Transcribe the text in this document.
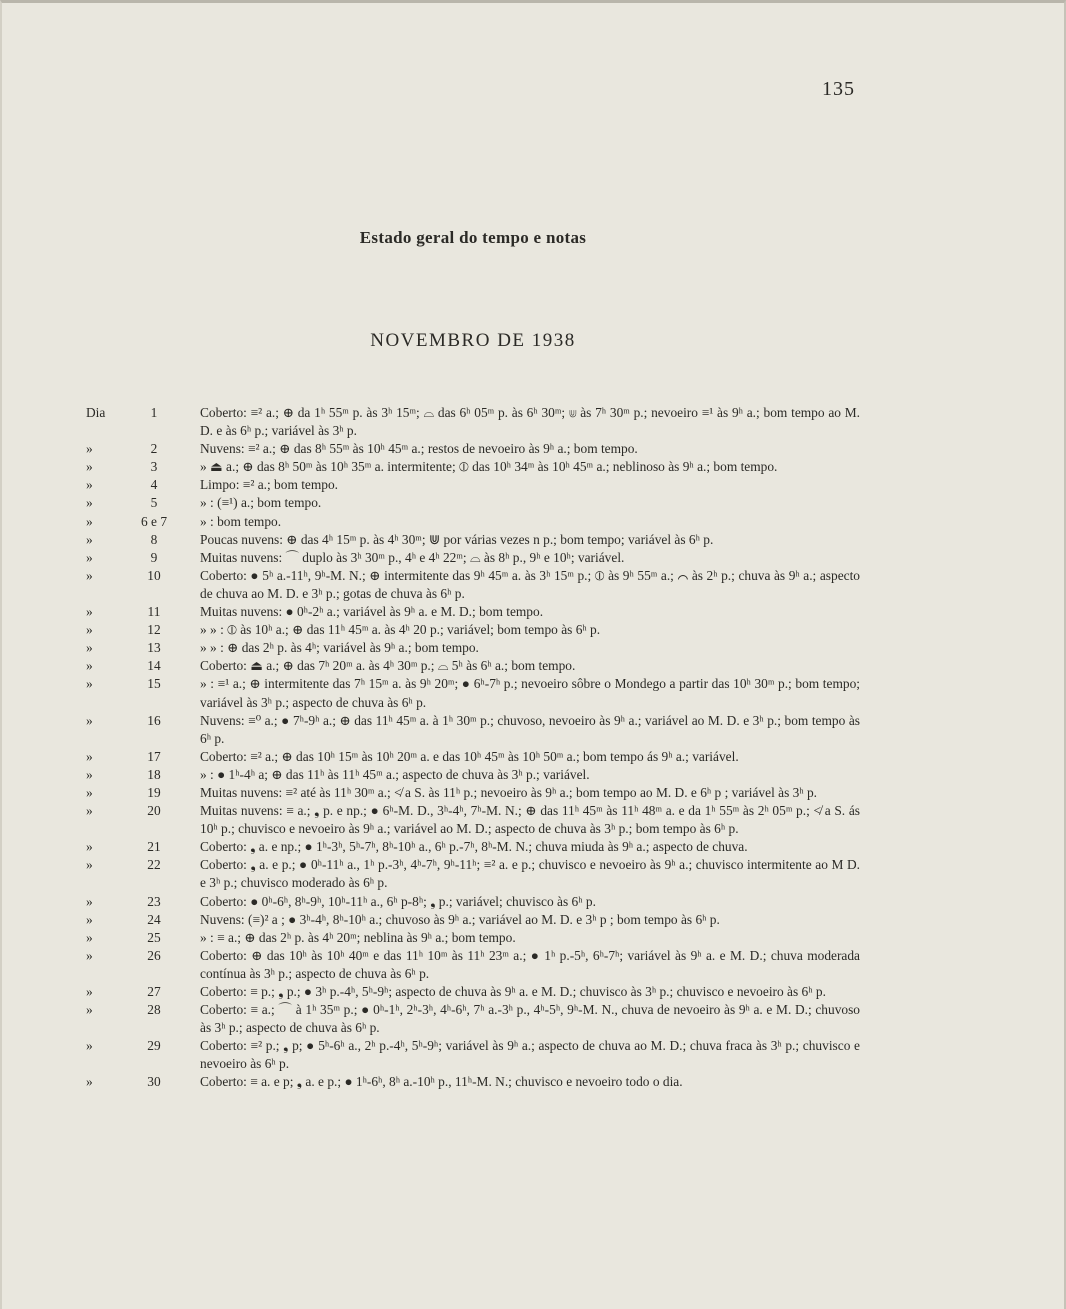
135
Estado geral do tempo e notas
NOVEMBRO DE 1938
Dia	1	Coberto: ≡² a.; ⊕ da 1ʰ 55ᵐ p. às 3ʰ 15ᵐ; ⌓ das 6ʰ 05ᵐ p. às 6ʰ 30ᵐ; ⋓ às 7ʰ 30ᵐ p.; nevoeiro ≡¹ às 9ʰ a.; bom tempo ao M. D. e às 6ʰ p.; variável às 3ʰ p.
»	2	Nuvens: ≡² a.; ⊕ das 8ʰ 55ᵐ às 10ʰ 45ᵐ a.; restos de nevoeiro às 9ʰ a.; bom tempo.
»	3	» ⏏ a.; ⊕ das 8ʰ 50ᵐ às 10ʰ 35ᵐ a. intermitente; ⦶ das 10ʰ 34ᵐ às 10ʰ 45ᵐ a.; neblinoso às 9ʰ a.; bom tempo.
»	4	Limpo: ≡² a.; bom tempo.
»	5	» : (≡¹) a.; bom tempo.
»	6 e 7	» : bom tempo.
»	8	Poucas nuvens: ⊕ das 4ʰ 15ᵐ p. às 4ʰ 30ᵐ; ⋓ por várias vezes n p.; bom tempo; variável às 6ʰ p.
»	9	Muitas nuvens: ⌒ duplo às 3ʰ 30ᵐ p., 4ʰ e 4ʰ 22ᵐ; ⌓ às 8ʰ p., 9ʰ e 10ʰ; variável.
»	10	Coberto: ● 5ʰ a.-11ʰ, 9ʰ-M. N.; ⊕ intermitente das 9ʰ 45ᵐ a. às 3ʰ 15ᵐ p.; ⦶ às 9ʰ 55ᵐ a.; ⌒ às 2ʰ p.; chuva às 9ʰ a.; aspecto de chuva ao M. D. e 3ʰ p.; gotas de chuva às 6ʰ p.
»	11	Muitas nuvens: ● 0ʰ-2ʰ a.; variável às 9ʰ a. e M. D.; bom tempo.
»	12	» » : ⦶ às 10ʰ a.; ⊕ das 11ʰ 45ᵐ a. às 4ʰ 20 p.; variável; bom tempo às 6ʰ p.
»	13	» » : ⊕ das 2ʰ p. às 4ʰ; variável às 9ʰ a.; bom tempo.
»	14	Coberto: ⏏ a.; ⊕ das 7ʰ 20ᵐ a. às 4ʰ 30ᵐ p.; ⌓ 5ʰ às 6ʰ a.; bom tempo.
»	15	» : ≡¹ a.; ⊕ intermitente das 7ʰ 15ᵐ a. às 9ʰ 20ᵐ; ● 6ʰ-7ʰ p.; nevoeiro sôbre o Mondego a partir das 10ʰ 30ᵐ p.; bom tempo; variável às 3ʰ p.; aspecto de chuva às 6ʰ p.
»	16	Nuvens: ≡⁰ a.; ● 7ʰ-9ʰ a.; ⊕ das 11ʰ 45ᵐ a. à 1ʰ 30ᵐ p.; chuvoso, nevoeiro às 9ʰ a.; variável ao M. D. e 3ʰ p.; bom tempo às 6ʰ p.
»	17	Coberto: ≡² a.; ⊕ das 10ʰ 15ᵐ às 10ʰ 20ᵐ a. e das 10ʰ 45ᵐ às 10ʰ 50ᵐ a.; bom tempo ás 9ʰ a.; variável.
»	18	» : ● 1ʰ-4ʰ a; ⊕ das 11ʰ às 11ʰ 45ᵐ a.; aspecto de chuva às 3ʰ p.; variável.
»	19	Muitas nuvens: ≡² até às 11ʰ 30ᵐ a.; ≮ a S. às 11ʰ p.; nevoeiro às 9ʰ a.; bom tempo ao M. D. e 6ʰ p ; variável às 3ʰ p.
»	20	Muitas nuvens: ≡ a.; ❟ p. e np.; ● 6ʰ-M. D., 3ʰ-4ʰ, 7ʰ-M. N.; ⊕ das 11ʰ 45ᵐ às 11ʰ 48ᵐ a. e da 1ʰ 55ᵐ às 2ʰ 05ᵐ p.; ≮ a S. ás 10ʰ p.; chuvisco e nevoeiro às 9ʰ a.; variável ao M. D.; aspecto de chuva às 3ʰ p.; bom tempo às 6ʰ p.
»	21	Coberto: ❟ a. e np.; ● 1ʰ-3ʰ, 5ʰ-7ʰ, 8ʰ-10ʰ a., 6ʰ p.-7ʰ, 8ʰ-M. N.; chuva miuda às 9ʰ a.; aspecto de chuva.
»	22	Coberto: ❟ a. e p.; ● 0ʰ-11ʰ a., 1ʰ p.-3ʰ, 4ʰ-7ʰ, 9ʰ-11ʰ; ≡² a. e p.; chuvisco e nevoeiro às 9ʰ a.; chuvisco intermitente ao M D. e 3ʰ p.; chuvisco moderado às 6ʰ p.
»	23	Coberto: ● 0ʰ-6ʰ, 8ʰ-9ʰ, 10ʰ-11ʰ a., 6ʰ p-8ʰ; ❟ p.; variável; chuvisco às 6ʰ p.
»	24	Nuvens: (≡)² a ; ● 3ʰ-4ʰ, 8ʰ-10ʰ a.; chuvoso às 9ʰ a.; variável ao M. D. e 3ʰ p ; bom tempo às 6ʰ p.
»	25	» : ≡ a.; ⊕ das 2ʰ p. às 4ʰ 20ᵐ; neblina às 9ʰ a.; bom tempo.
»	26	Coberto: ⊕ das 10ʰ às 10ʰ 40ᵐ e das 11ʰ 10ᵐ às 11ʰ 23ᵐ a.; ● 1ʰ p.-5ʰ, 6ʰ-7ʰ; variável às 9ʰ a. e M. D.; chuva moderada contínua às 3ʰ p.; aspecto de chuva às 6ʰ p.
»	27	Coberto: ≡ p.; ❟ p.; ● 3ʰ p.-4ʰ, 5ʰ-9ʰ; aspecto de chuva às 9ʰ a. e M. D.; chuvisco às 3ʰ p.; chuvisco e nevoeiro às 6ʰ p.
»	28	Coberto: ≡ a.; ⌒ à 1ʰ 35ᵐ p.; ● 0ʰ-1ʰ, 2ʰ-3ʰ, 4ʰ-6ʰ, 7ʰ a.-3ʰ p., 4ʰ-5ʰ, 9ʰ-M. N., chuva de nevoeiro às 9ʰ a. e M. D.; chuvoso às 3ʰ p.; aspecto de chuva às 6ʰ p.
»	29	Coberto: ≡² p.; ❟ p; ● 5ʰ-6ʰ a., 2ʰ p.-4ʰ, 5ʰ-9ʰ; variável às 9ʰ a.; aspecto de chuva ao M. D.; chuva fraca às 3ʰ p.; chuvisco e nevoeiro às 6ʰ p.
»	30	Coberto: ≡ a. e p; ❟ a. e p.; ● 1ʰ-6ʰ, 8ʰ a.-10ʰ p., 11ʰ-M. N.; chuvisco e nevoeiro todo o dia.
